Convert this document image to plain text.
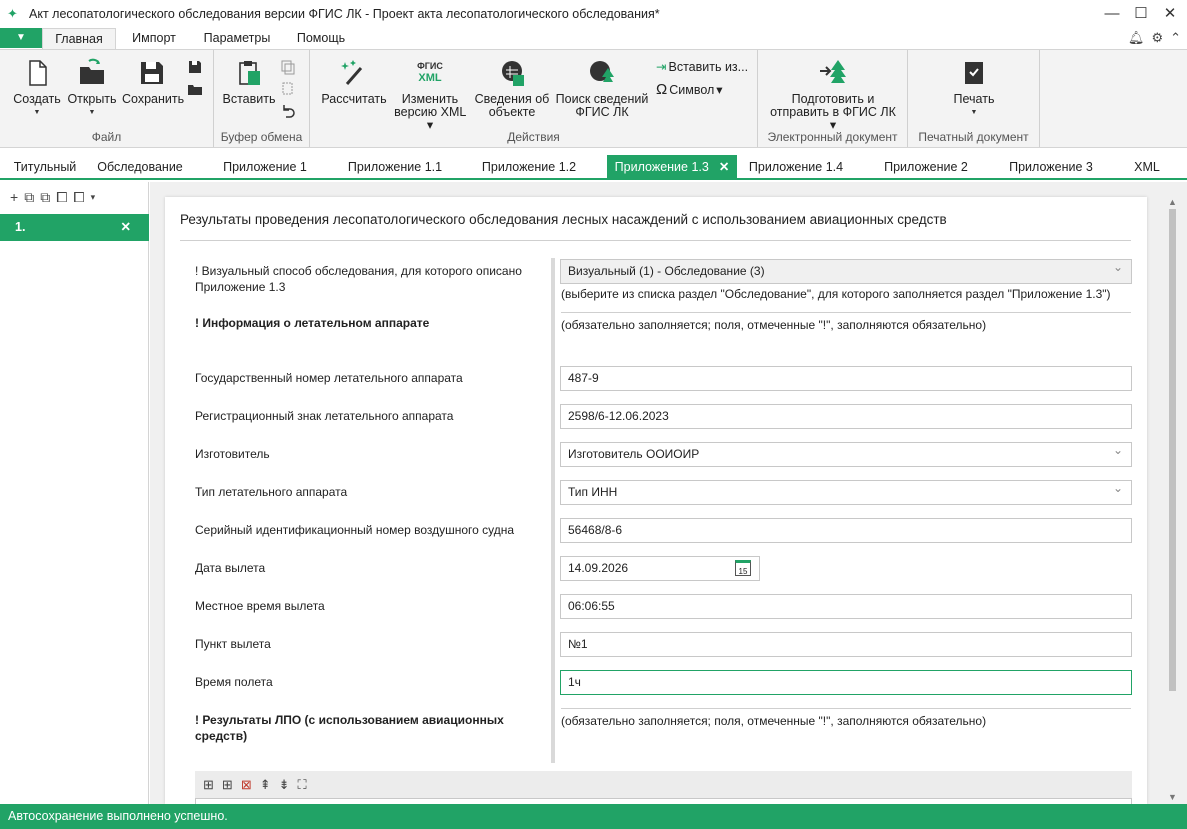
✦ Акт лесопатологического обследования версии ФГИС ЛК - Проект акта лесопатологического обследования*	— ☐	✕
▼	Главная	Импорт	Параметры	Помощь	🔔︎ ⚙ ⌃
Создать
▼
Открыть
▼
Сохранить
Файл
Вставить
Буфер обмена
Рассчитать
ФГИС
XML
Изменить
версию XML ▾
Сведения об
объекте
Поиск сведений
ФГИС ЛК
⇥ Вставить из...
Ω Символ ▾
Действия
Подготовить и
отправить в ФГИС ЛК ▾
Электронный документ
Печать
▼
Печатный документ
Титульный	Обследование	Приложение 1	Приложение 1.1	Приложение 1.2	Приложение 1.3 ✕	Приложение 1.4	Приложение 2	Приложение 3	XML
+ ⧉ ⧉ ⧠ ⧠ ▾
1.	✕	Результаты проведения лесопатологического обследования лесных насаждений с использованием авиационных средств
! Визуальный способ обследования, для которого описано Приложение 1.3
Визуальный (1) - Обследование (3) ⌄
(выберите из списка раздел "Обследование", для которого заполняется раздел "Приложение 1.3")
! Информация о летательном аппарате	(обязательно заполняется; поля, отмеченные "!", заполняются обязательно)
Государственный номер летательного аппарата	487-9
Регистрационный знак летательного аппарата	2598/6-12.06.2023
Изготовитель	Изготовитель ООИОИР ⌄
Тип летательного аппарата	Тип ИНН ⌄
Серийный идентификационный номер воздушного судна	56468/8-6
Дата вылета	14.09.2026	15
Местное время вылета	06:06:55
Пункт вылета	№1
Время полета	1ч
! Результаты ЛПО (с использованием авиационных средств)
(обязательно заполняется; поля, отмеченные "!", заполняются обязательно)
⊞ ⊞ ⊠ ⇞ ⇟ ⛶
▲
▼
Автосохранение выполнено успешно.
